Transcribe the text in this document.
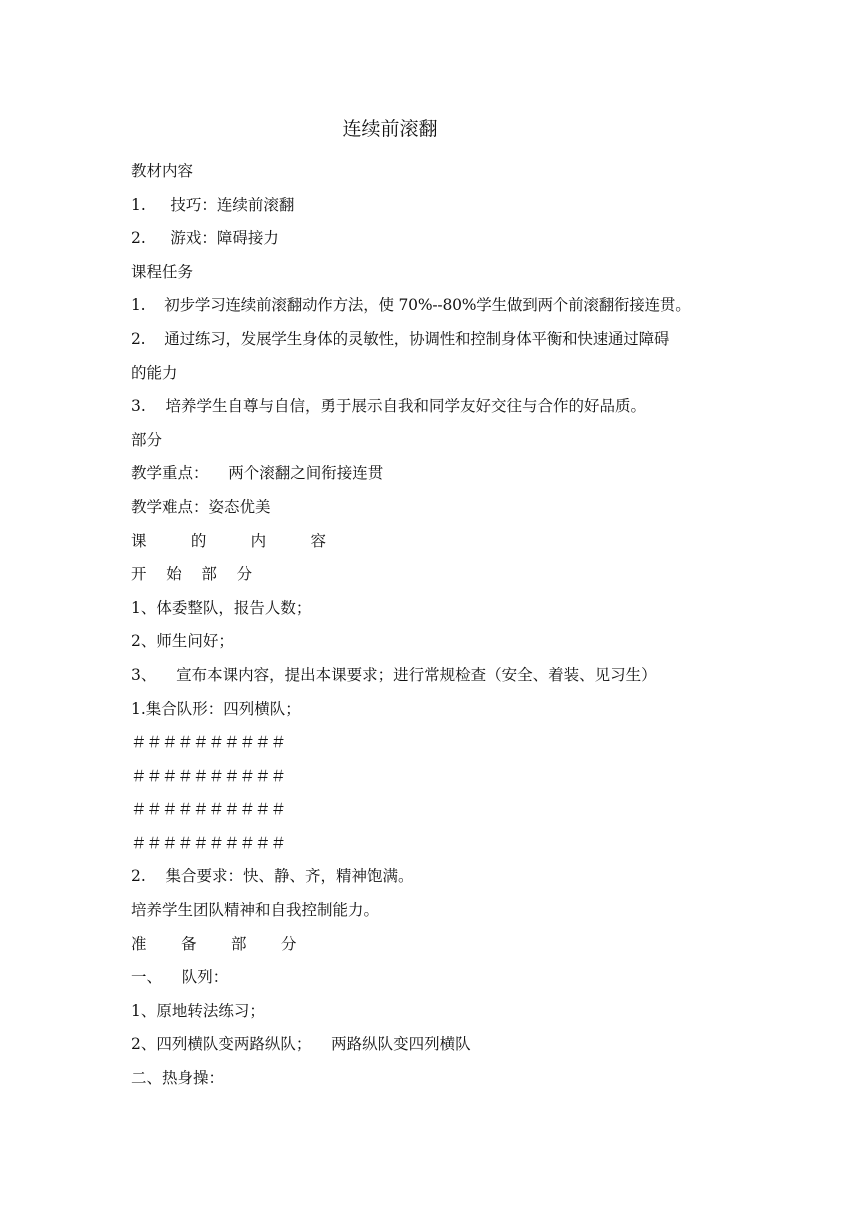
连续前滚翻
教材内容
1.     技巧：连续前滚翻
2.     游戏：障碍接力
课程任务
1.    初步学习连续前滚翻动作方法，使 70%--80%学生做到两个前滚翻衔接连贯。
2.    通过练习，发展学生身体的灵敏性，协调性和控制身体平衡和快速通过障碍
的能力
3.    培养学生自尊与自信，勇于展示自我和同学友好交往与合作的好品质。
部分
教学重点：    两个滚翻之间衔接连贯
教学难点：姿态优美
课         的         内         容
开    始    部    分
1、体委整队，报告人数；
2、师生问好；
3、    宣布本课内容，提出本课要求；进行常规检查（安全、着装、见习生）
1.集合队形：四列横队；
＃＃＃＃＃＃＃＃＃＃
＃＃＃＃＃＃＃＃＃＃
＃＃＃＃＃＃＃＃＃＃
＃＃＃＃＃＃＃＃＃＃
2.    集合要求：快、静、齐，精神饱满。
培养学生团队精神和自我控制能力。
准       备       部       分
一、    队列：
1、原地转法练习；
2、四列横队变两路纵队；    两路纵队变四列横队
二、热身操：
